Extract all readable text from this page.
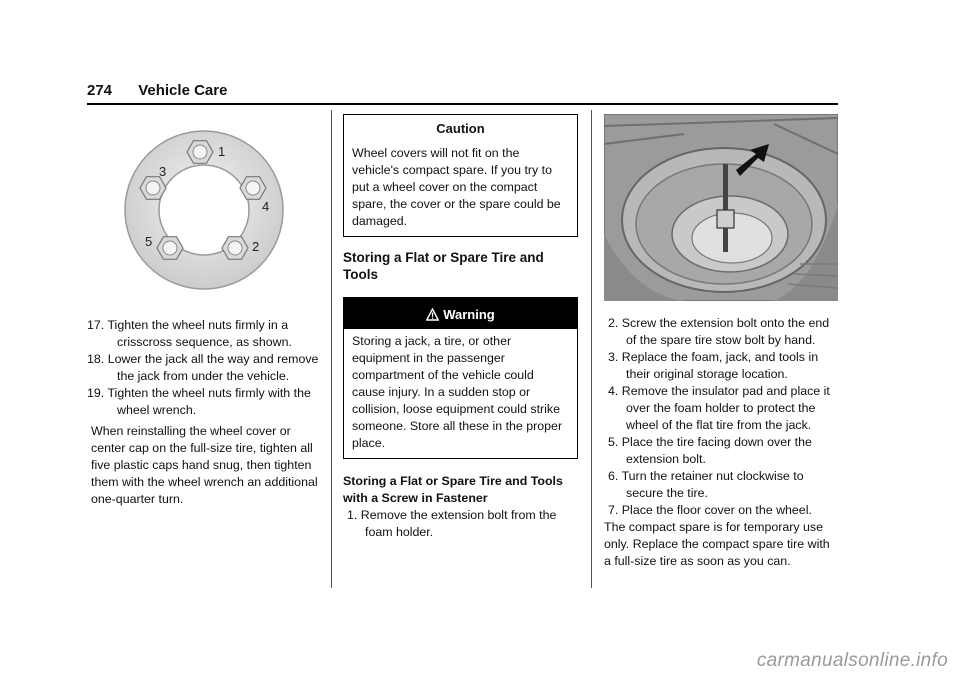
274 Vehicle Care
1
2
3
4
5

17. Tighten the wheel nuts firmly in a crisscross sequence, as shown.

18. Lower the jack all the way and remove the jack from under the vehicle.

19. Tighten the wheel nuts firmly with the wheel wrench.

When reinstalling the wheel cover or center cap on the full-size tire, tighten all five plastic caps hand snug, then tighten them with the wheel wrench an additional one-quarter turn.

Caution
Wheel covers will not fit on the vehicle's compact spare. If you try to put a wheel cover on the compact spare, the cover or the spare could be damaged.
Storing a Flat or Spare Tire and Tools
Warning
Storing a jack, a tire, or other equipment in the passenger compartment of the vehicle could cause injury. In a sudden stop or collision, loose equipment could strike someone. Store all these in the proper place.

Storing a Flat or Spare Tire and Tools with a Screw in Fastener

1. Remove the extension bolt from the foam holder.

2. Screw the extension bolt onto the end of the spare tire stow bolt by hand.

3. Replace the foam, jack, and tools in their original storage location.

4. Remove the insulator pad and place it over the foam holder to protect the wheel of the flat tire from the jack.

5. Place the tire facing down over the extension bolt.

6. Turn the retainer nut clockwise to secure the tire.

7. Place the floor cover on the wheel.

The compact spare is for temporary use only. Replace the compact spare tire with a full-size tire as soon as you can.

carmanualsonline.info
